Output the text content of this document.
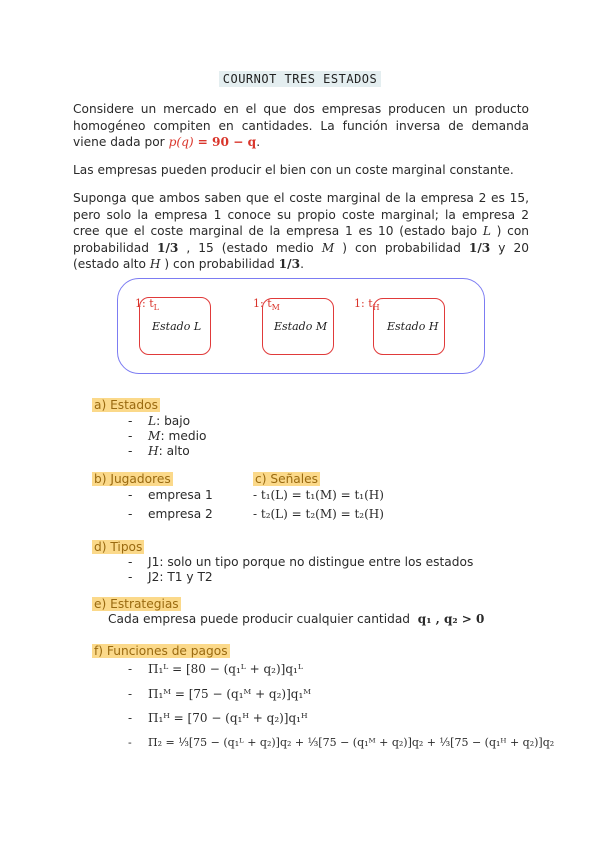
COURNOT TRES ESTADOS
Considere un mercado en el que dos empresas producen un producto homogéneo compiten en cantidades. La función inversa de demanda viene dada por p(q) = 90 − q.
Las empresas pueden producir el bien con un coste marginal constante.
Suponga que ambos saben que el coste marginal de la empresa 2 es 15, pero solo la empresa 1 conoce su propio coste marginal; la empresa 2 cree que el coste marginal de la empresa 1 es 10 (estado bajo L ) con probabilidad 1/3 , 15 (estado medio M ) con probabilidad 1/3 y 20 (estado alto H ) con probabilidad 1/3.
1: $t_L$
Estado L
1: $t_M$
Estado M
1: $t_H$
Estado H
a) Estados
- L: bajo
- M: medio
- H: alto
b) Jugadores
- empresa 1
- empresa 2
c) Señales
- t₁(L) = t₁(M) = t₁(H)
- t₂(L) = t₂(M) = t₂(H)
d) Tipos
- J1: solo un tipo porque no distingue entre los estados
- J2: T1 y T2
e) Estrategias
Cada empresa puede producir cualquier cantidad q₁ , q₂ > 0
f) Funciones de pagos
- Π₁ᴸ = [80 − (q₁ᴸ + q₂)]q₁ᴸ
- Π₁ᴹ = [75 − (q₁ᴹ + q₂)]q₁ᴹ
- Π₁ᴴ = [70 − (q₁ᴴ + q₂)]q₁ᴴ
- Π₂ = ⅓[75 − (q₁ᴸ + q₂)]q₂ + ⅓[75 − (q₁ᴹ + q₂)]q₂ + ⅓[75 − (q₁ᴴ + q₂)]q₂
